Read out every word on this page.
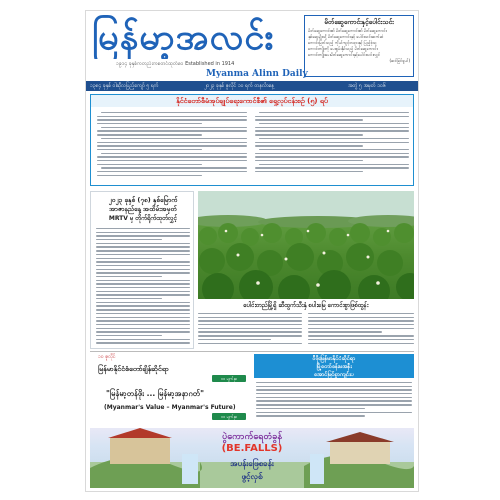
မြန်မာ့အလင်း
၁၉၁၄ ခုနှစ်ကတည်းကစတင်ထုတ်ဝေ Established in 1914
Myanma Alinn Daily
မိတ်ဆွေကောင်းနှင့်ပေါင်းသင်း
မိတ်ဆွေကောင်း၏ မိတ်ဆွေကောင်း၏ မိတ်ဆွေကောင်း
နှစ်ဆွေမျိုးသို့ မိတ်ဆွေကောင်းနှင့် ပေါင်းသင်းဆက်ဆံ
ကောင်းမြတ်သည့် ကိုယ်ကျင့်တရားနှင့် ပြည့်စုံသူ
ကောင်းကျိုးကို ပေးစွမ်းနိုင်သည့် မိတ်ဆွေကောင်း
ကောင်းကျိုးပေးမိတ်ဆွေကောင်းနှင့်ပေါင်းသင်းလျှင်
(ဆင်ခြင်ဖွယ်)
၁၃၈၄ ခုနှစ် ဝါဆိုလပြည့်ကျော် ၅ ရက်	၂၀၂၃ ခုနှစ် ဇူလိုင် ၁၀ ရက် တနင်္လာနေ့	အတွဲ ၅ အမှတ် ၁၀၆
နိုင်ငံတော်စီမံအုပ်ချုပ်ရေးကောင်စီ၏ ရှေ့လုပ်ငန်းစဉ် (၅) ရပ်
၂၀၂၃ ခုနှစ် (၇၈) နှစ်မြောက်
အာဇာနည်နေ့ အထိမ်းအမှတ်
MRTV မှ တိုက်ရိုက်ထုတ်လွှင့်
ပေါင်းတည်မြို့ရှိ ဆီထွက်သီးနှံ စပါးမြေ ကောင်းစွာဖြစ်ထွန်း
၁၀ ဇူလိုင်
မြန်မာနိုင်ငံစံတော်ချိန်ဆိုင်ရာ
၁၀ မျက်နှာ
"မြန်မာ့တန်ဖိုး ... မြန်မာ့အနာဂတ်"
(Myanmar's Value – Myanmar's Future)
၁၀ မျက်နှာ
ဝီဖိုးမြန်မာနိုင်ငံဆိုင်ရာ
မြို့တော်ခန်းမအနီး
အောင်မြင်စွာကျင်းပ
ပွဲကောက်ရေတံခွန်
(BE.FALLS)
အပန်းဖြေစခန်း
ဖွင့်လှစ်
